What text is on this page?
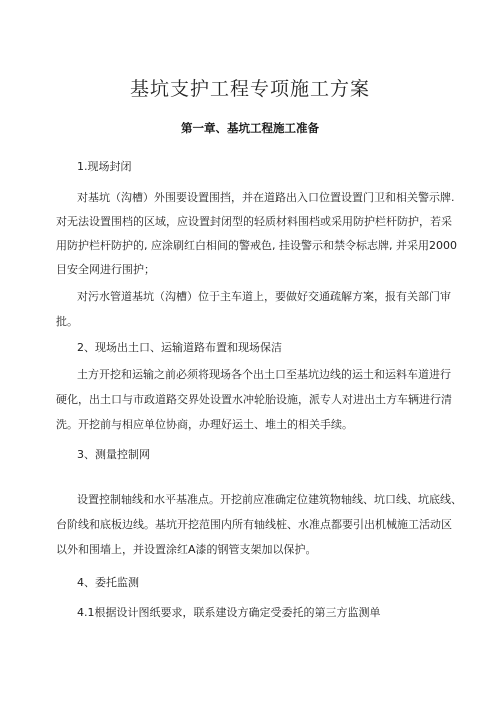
基坑支护工程专项施工方案
第一章、基坑工程施工准备
1.现场封闭
对基坑（沟槽）外围要设置围挡，并在道路出入口位置设置门卫和相关警示牌.
对无法设置围档的区域，应设置封闭型的轻质材料围档或采用防护栏杆防护，若采
用防护栏杆防护的, 应涂刷红白相间的警戒色, 挂设警示和禁令标志牌, 并采用2000
目安全网进行围护；
对污水管道基坑（沟槽）位于主车道上，要做好交通疏解方案，报有关部门审
批。
2、现场出土口、运输道路布置和现场保洁
土方开挖和运输之前必须将现场各个出土口至基坑边线的运土和运料车道进行
硬化，出土口与市政道路交界处设置水冲轮胎设施，派专人对进出土方车辆进行清
洗。开挖前与相应单位协商，办理好运土、堆土的相关手续。
3、测量控制网
设置控制轴线和水平基准点。开挖前应准确定位建筑物轴线、坑口线、坑底线、
台阶线和底板边线。基坑开挖范围内所有轴线桩、水准点都要引出机械施工活动区
以外和围墙上，并设置涂红A漆的钢管支架加以保护。
4、委托监测
4.1根据设计图纸要求，联系建设方确定受委托的第三方监测单
